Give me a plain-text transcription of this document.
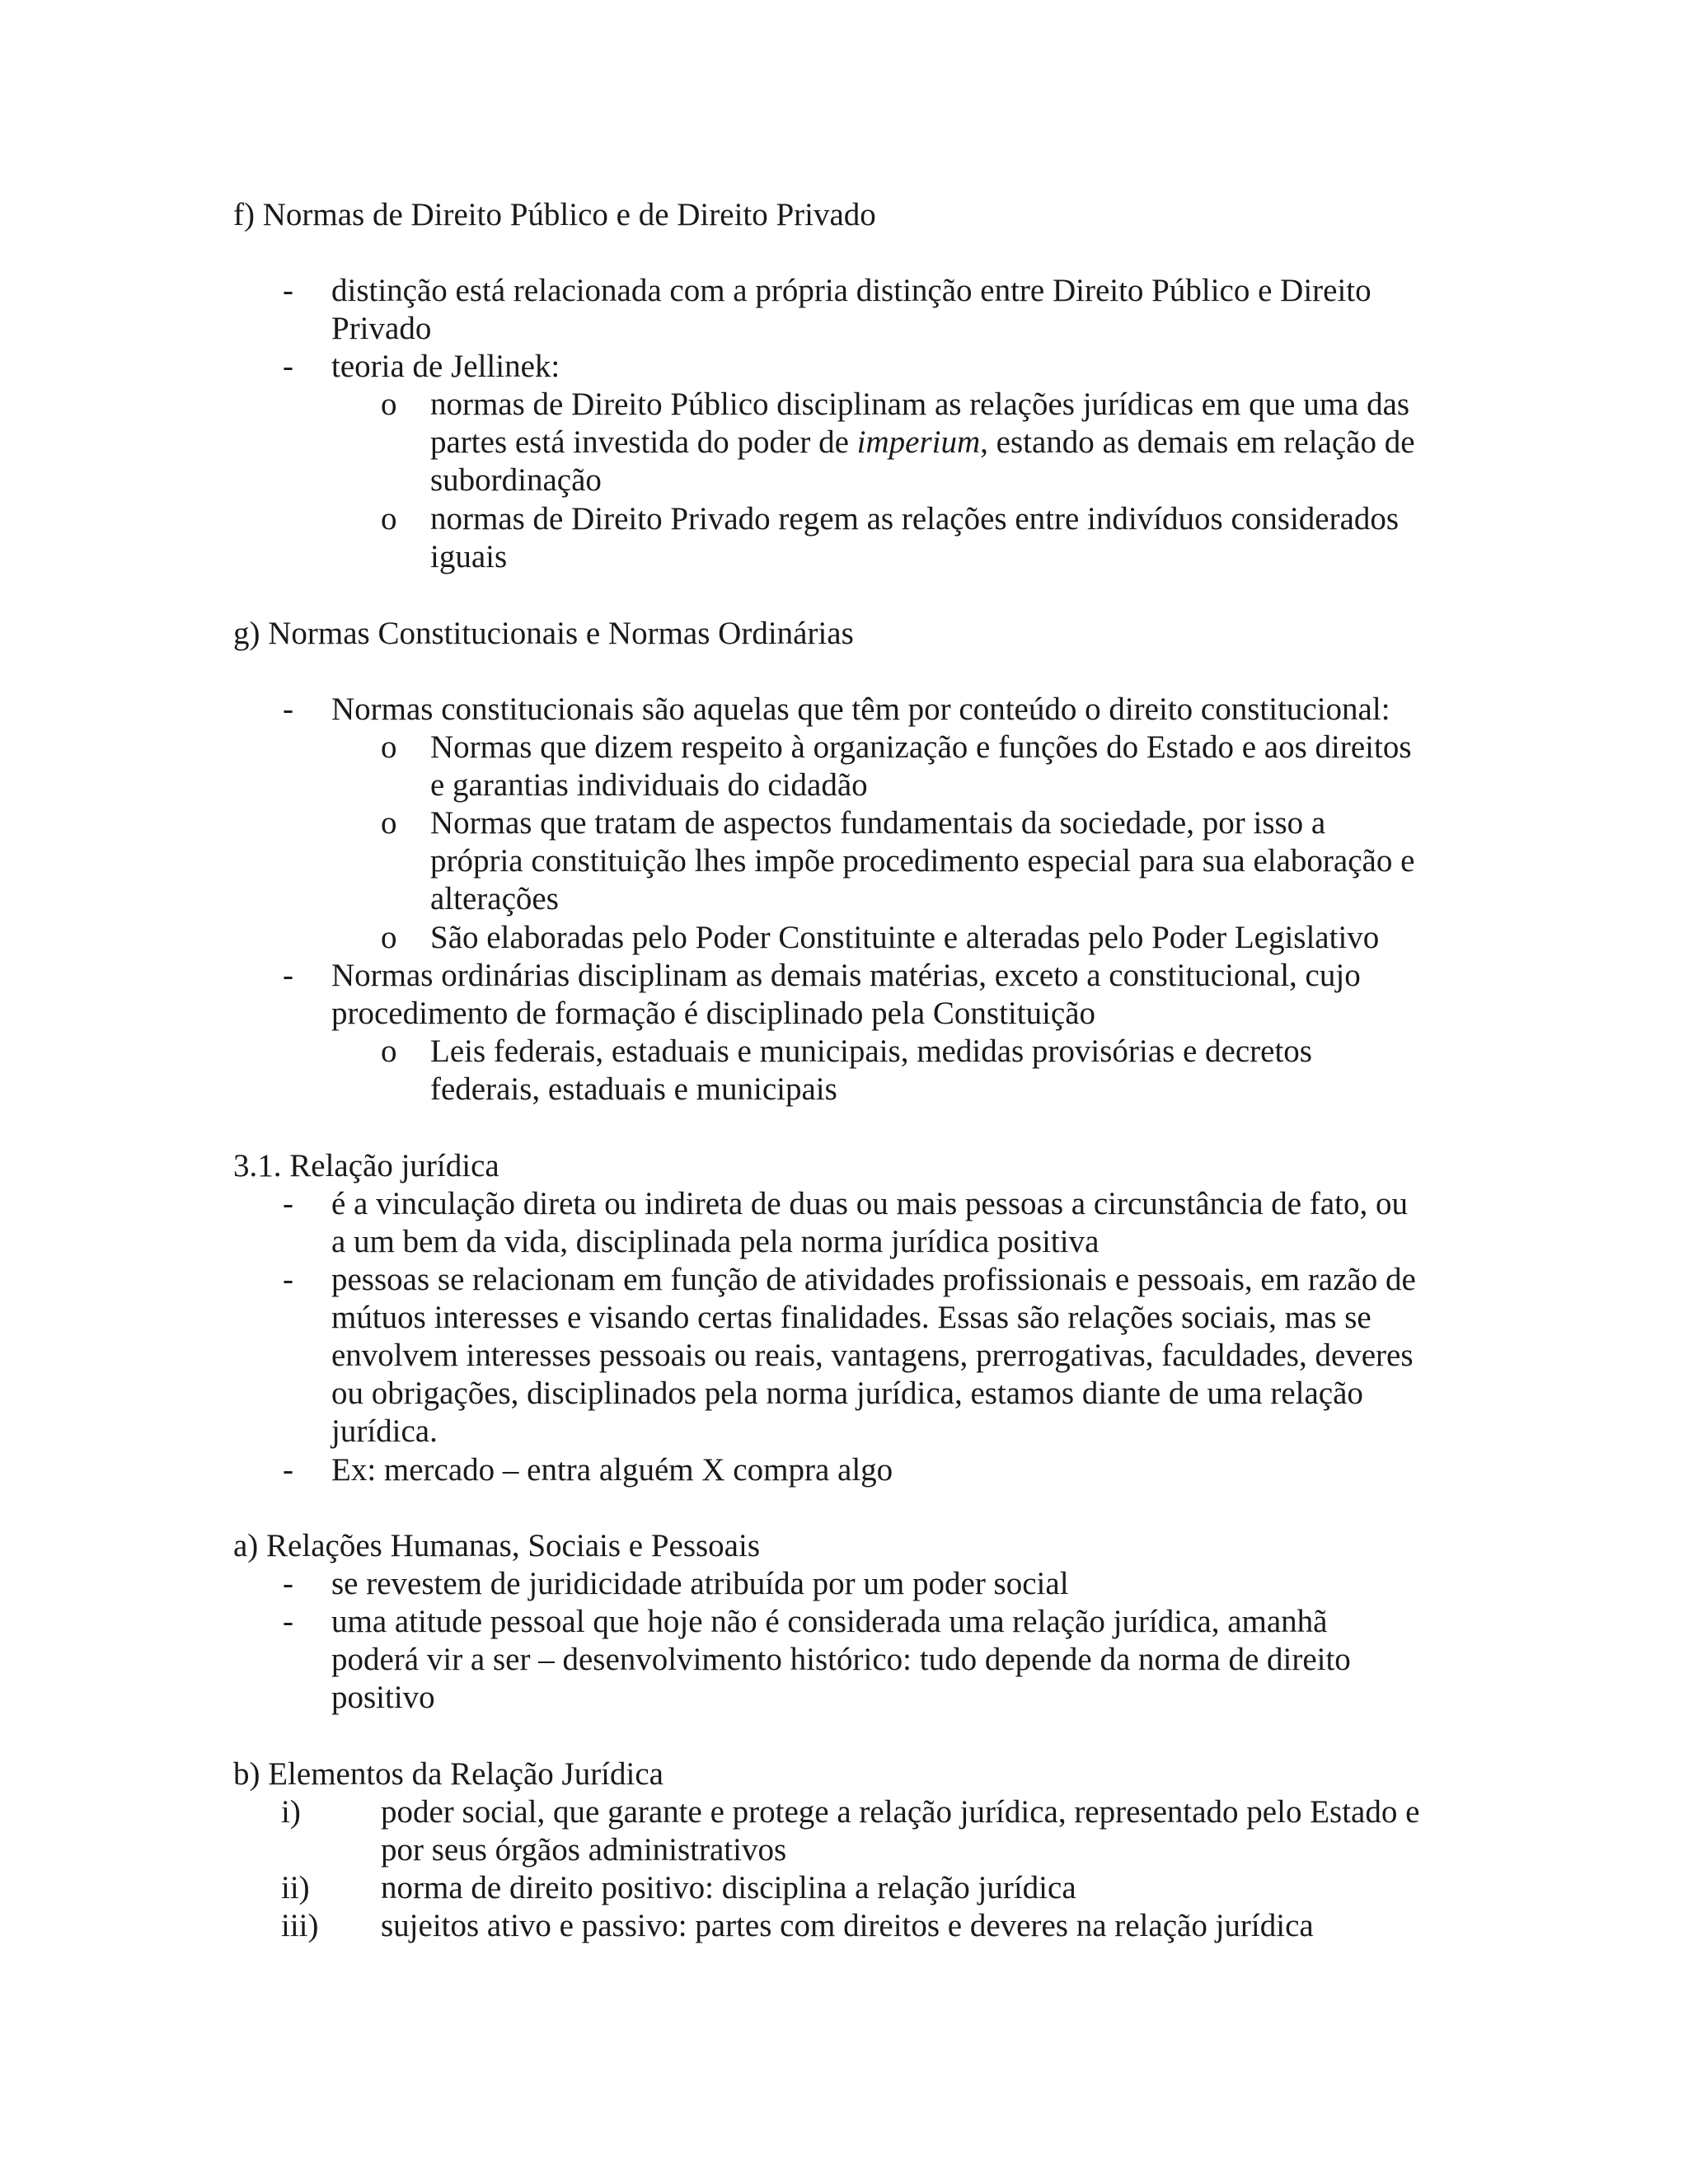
f) Normas de Direito Público e de Direito Privado
- distinção está relacionada com a própria distinção entre Direito Público e Direito
Privado
- teoria de Jellinek:
o normas de Direito Público disciplinam as relações jurídicas em que uma das
partes está investida do poder de imperium, estando as demais em relação de
subordinação
o normas de Direito Privado regem as relações entre indivíduos considerados
iguais
g) Normas Constitucionais e Normas Ordinárias
- Normas constitucionais são aquelas que têm por conteúdo o direito constitucional:
o Normas que dizem respeito à organização e funções do Estado e aos direitos
e garantias individuais do cidadão
o Normas que tratam de aspectos fundamentais da sociedade, por isso a
própria constituição lhes impõe procedimento especial para sua elaboração e
alterações
o São elaboradas pelo Poder Constituinte e alteradas pelo Poder Legislativo
- Normas ordinárias disciplinam as demais matérias, exceto a constitucional, cujo
procedimento de formação é disciplinado pela Constituição
o Leis federais, estaduais e municipais, medidas provisórias e decretos
federais, estaduais e municipais
3.1. Relação jurídica
- é a vinculação direta ou indireta de duas ou mais pessoas a circunstância de fato, ou
a um bem da vida, disciplinada pela norma jurídica positiva
- pessoas se relacionam em função de atividades profissionais e pessoais, em razão de
mútuos interesses e visando certas finalidades. Essas são relações sociais, mas se
envolvem interesses pessoais ou reais, vantagens, prerrogativas, faculdades, deveres
ou obrigações, disciplinados pela norma jurídica, estamos diante de uma relação
jurídica.
- Ex: mercado – entra alguém X compra algo
a) Relações Humanas, Sociais e Pessoais
- se revestem de juridicidade atribuída por um poder social
- uma atitude pessoal que hoje não é considerada uma relação jurídica, amanhã
poderá vir a ser – desenvolvimento histórico: tudo depende da norma de direito
positivo
b) Elementos da Relação Jurídica
i) poder social, que garante e protege a relação jurídica, representado pelo Estado e
por seus órgãos administrativos
ii) norma de direito positivo: disciplina a relação jurídica
iii) sujeitos ativo e passivo: partes com direitos e deveres na relação jurídica
